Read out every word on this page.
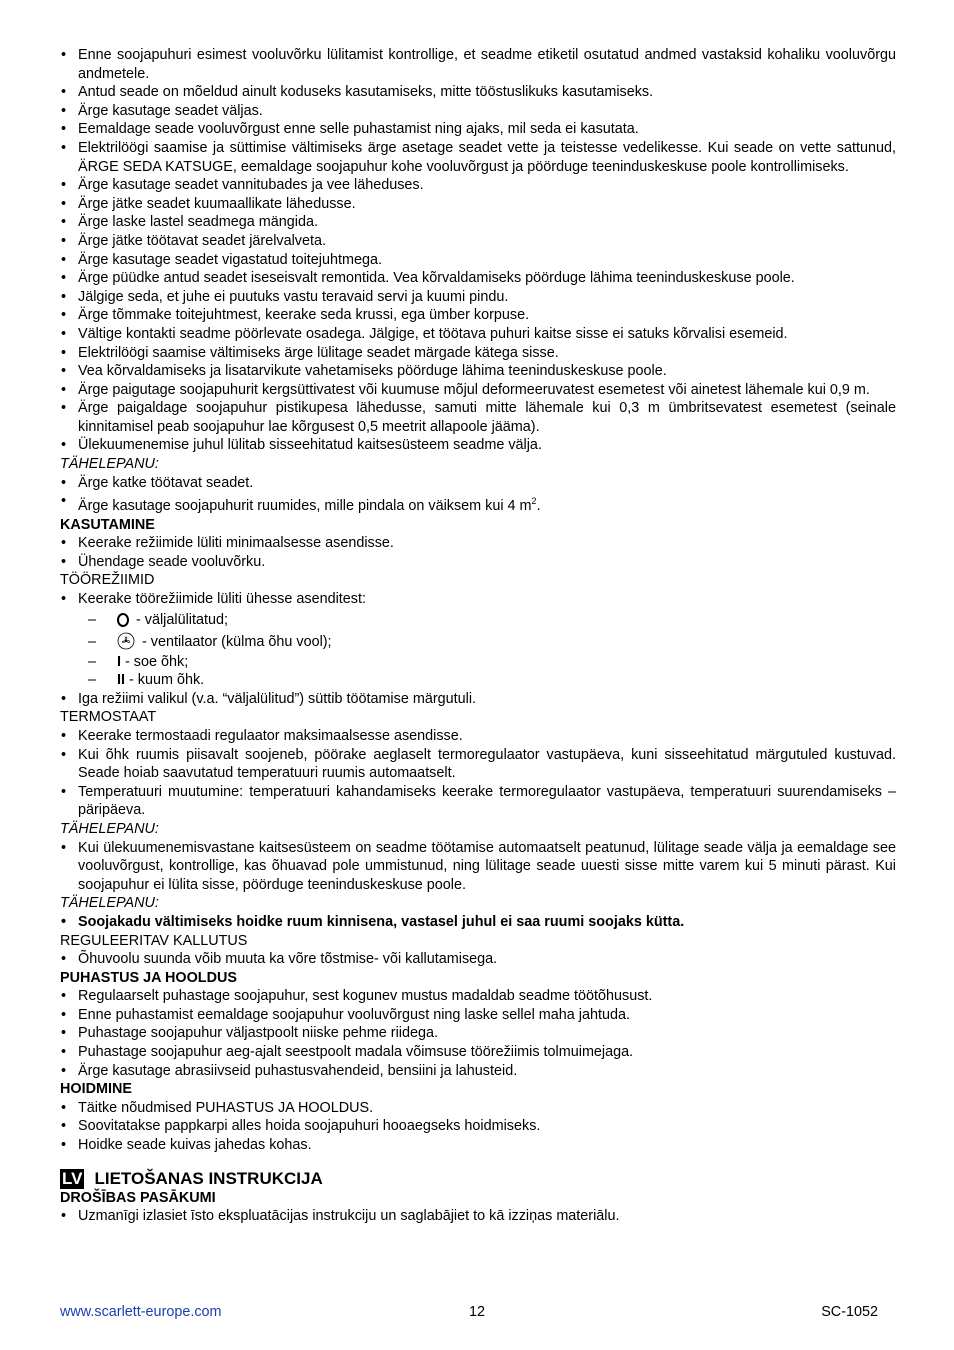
• Enne soojapuhuri esimest vooluvõrku lülitamist kontrollige, et seadme etiketil osutatud andmed vastaksid kohaliku vooluvõrgu andmetele.
• Antud seade on mõeldud ainult koduseks kasutamiseks, mitte tööstuslikuks kasutamiseks.
• Ärge kasutage seadet väljas.
• Eemaldage seade vooluvõrgust enne selle puhastamist ning ajaks, mil seda ei kasutata.
• Elektrilöögi saamise ja süttimise vältimiseks ärge asetage seadet vette ja teistesse vedelikesse. Kui seade on vette sattunud, ÄRGE SEDA KATSUGE, eemaldage soojapuhur kohe vooluvõrgust ja pöörduge teeninduskeskuse poole kontrollimiseks.
• Ärge kasutage seadet vannitubades ja vee läheduses.
• Ärge jätke seadet kuumaallikate lähedusse.
• Ärge laske lastel seadmega mängida.
• Ärge jätke töötavat seadet järelvalveta.
• Ärge kasutage seadet vigastatud toitejuhtmega.
• Ärge püüdke antud seadet iseseisvalt remontida. Vea kõrvaldamiseks pöörduge lähima teeninduskeskuse poole.
• Jälgige seda, et juhe ei puutuks vastu teravaid servi ja kuumi pindu.
• Ärge tõmmake toitejuhtmest, keerake seda krussi, ega ümber korpuse.
• Vältige kontakti seadme pöörlevate osadega. Jälgige, et töötava puhuri kaitse sisse ei satuks kõrvalisi esemeid.
• Elektrilöögi saamise vältimiseks ärge lülitage seadet märgade kätega sisse.
• Vea kõrvaldamiseks ja lisatarvikute vahetamiseks pöörduge lähima teeninduskeskuse poole.
• Ärge paigutage soojapuhurit kergsüttivatest või kuumuse mõjul deformeeruvatest esemetest või ainetest lähemale kui 0,9 m.
• Ärge paigaldage soojapuhur pistikupesa lähedusse, samuti mitte lähemale kui 0,3 m ümbritsevatest esemetest (seinale kinnitamisel peab soojapuhur lae kõrgusest 0,5 meetrit allapoole jääma).
• Ülekuumenemise juhul lülitab sisseehitatud kaitsesüsteem seadme välja.
TÄHELEPANU:
• Ärge katke töötavat seadet.
• Ärge kasutage soojapuhurit ruumides, mille pindala on väiksem kui 4 $m^2$.
KASUTAMINE
• Keerake režiimide lüliti minimaalsesse asendisse.
• Ühendage seade vooluvõrku.
TÖÖREŽIIMID
• Keerake töörežiimide lüliti ühesse asenditest:
– - väljalülitatud;
– - ventilaator (külma õhu vool);
– I - soe õhk;
– II - kuum õhk.
• Iga režiimi valikul (v.a. “väljalülitud”) süttib töötamise märgutuli.
TERMOSTAAT
• Keerake termostaadi regulaator maksimaalsesse asendisse.
• Kui õhk ruumis piisavalt soojeneb, pöörake aeglaselt termoregulaator vastupäeva, kuni sisseehitatud märgutuled kustuvad. Seade hoiab saavutatud temperatuuri ruumis automaatselt.
• Temperatuuri muutumine: temperatuuri kahandamiseks keerake termoregulaator vastupäeva, temperatuuri suurendamiseks – päripäeva.
TÄHELEPANU:
• Kui ülekuumenemisvastane kaitsesüsteem on seadme töötamise automaatselt peatunud, lülitage seade välja ja eemaldage see vooluvõrgust, kontrollige, kas õhuavad pole ummistunud, ning lülitage seade uuesti sisse mitte varem kui 5 minuti pärast. Kui soojapuhur ei lülita sisse, pöörduge teeninduskeskuse poole.
TÄHELEPANU:
• Soojakadu vältimiseks hoidke ruum kinnisena, vastasel juhul ei saa ruumi soojaks kütta.
REGULEERITAV KALLUTUS
• Õhuvoolu suunda võib muuta ka võre tõstmise- või kallutamisega.
PUHASTUS JA HOOLDUS
• Regulaarselt puhastage soojapuhur, sest kogunev mustus madaldab seadme töötõhusust.
• Enne puhastamist eemaldage soojapuhur vooluvõrgust ning laske sellel maha jahtuda.
• Puhastage soojapuhur väljastpoolt niiske pehme riidega.
• Puhastage soojapuhur aeg-ajalt seestpoolt madala võimsuse töörežiimis tolmuimejaga.
• Ärge kasutage abrasiivseid puhastusvahendeid, bensiini ja lahusteid.
HOIDMINE
• Täitke nõudmised PUHASTUS JA HOOLDUS.
• Soovitatakse pappkarpi alles hoida soojapuhuri hooaegseks hoidmiseks.
• Hoidke seade kuivas jahedas kohas.
LV LIETOŠANAS INSTRUKCIJA
DROŠĪBAS PASĀKUMI
• Uzmanīgi izlasiet īsto ekspluatācijas instrukciju un saglabājiet to kā izziņas materiālu.
www.scarlett-europe.com	12	SC-1052
